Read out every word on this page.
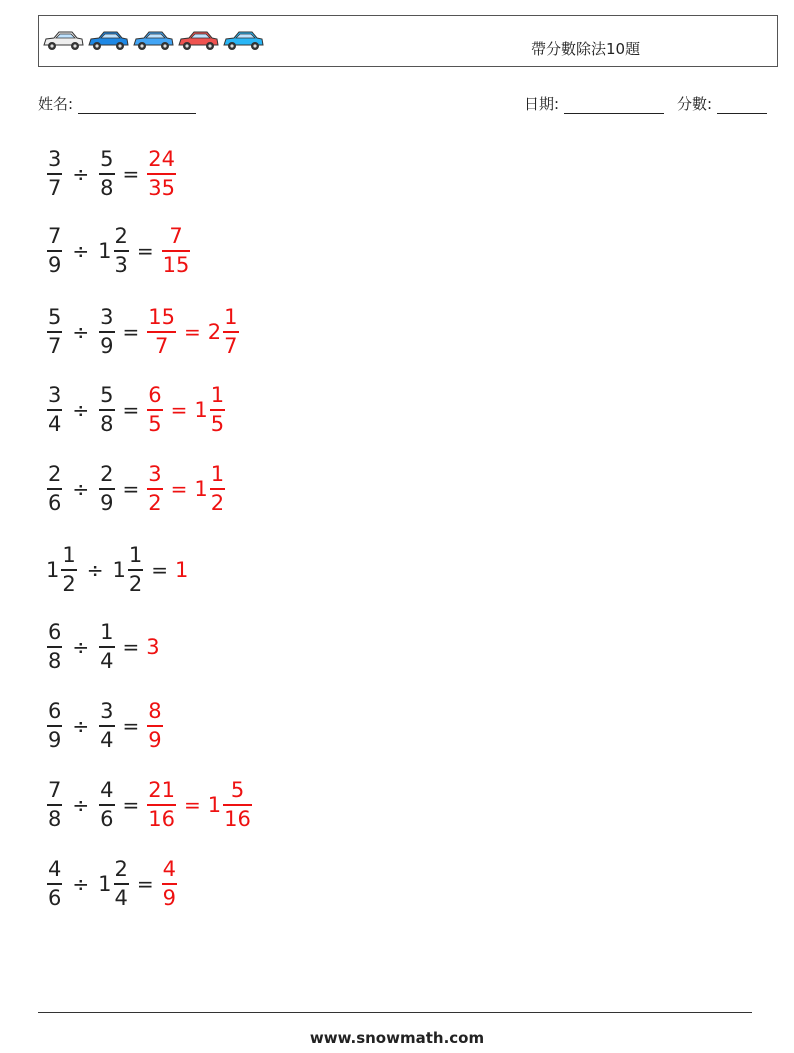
帶分數除法10題
姓名:	日期:	分數:
$\frac{3}{7} \div \frac{5}{8} = \frac{24}{35}$
$\frac{7}{9} \div 1 \frac{2}{3} = \frac{7}{15}$
$\frac{5}{7} \div \frac{3}{9} = \frac{15}{7} = 2 \frac{1}{7}$
$\frac{3}{4} \div \frac{5}{8} = \frac{6}{5} = 1 \frac{1}{5}$
$\frac{2}{6} \div \frac{2}{9} = \frac{3}{2} = 1 \frac{1}{2}$
$1 \frac{1}{2} \div 1 \frac{1}{2} = 1$
$\frac{6}{8} \div \frac{1}{4} = 3$
$\frac{6}{9} \div \frac{3}{4} = \frac{8}{9}$
$\frac{7}{8} \div \frac{4}{6} = \frac{21}{16} = 1 \frac{5}{16}$
$\frac{4}{6} \div 1 \frac{2}{4} = \frac{4}{9}$
www.snowmath.com
